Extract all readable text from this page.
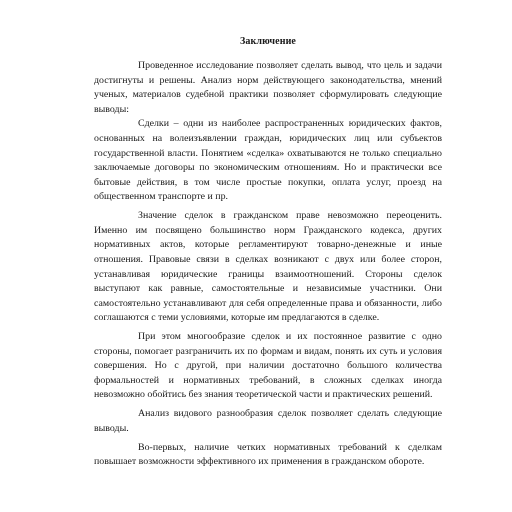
Заключение

Проведенное исследование позволяет сделать вывод, что цель и задачи достигнуты и решены. Анализ норм действующего законодательства, мнений ученых, материалов судебной практики позволяет сформулировать следующие выводы:

Сделки – одни из наиболее распространенных юридических фактов, основанных на волеизъявлении граждан, юридических лиц или субъектов государственной власти. Понятием «сделка» охватываются не только специально заключаемые договоры по экономическим отношениям. Но и практически все бытовые действия, в том числе простые покупки, оплата услуг, проезд на общественном транспорте и пр.

Значение сделок в гражданском праве невозможно переоценить. Именно им посвящено большинство норм Гражданского кодекса, других нормативных актов, которые регламентируют товарно-денежные и иные отношения. Правовые связи в сделках возникают с двух или более сторон, устанавливая юридические границы взаимоотношений. Стороны сделок выступают как равные, самостоятельные и независимые участники. Они самостоятельно устанавливают для себя определенные права и обязанности, либо соглашаются с теми условиями, которые им предлагаются в сделке.

При этом многообразие сделок и их постоянное развитие с одно стороны, помогает разграничить их по формам и видам, понять их суть и условия совершения. Но с другой, при наличии достаточно большого количества формальностей и нормативных требований, в сложных сделках иногда невозможно обойтись без знания теоретической части и практических решений.

Анализ видового разнообразия сделок позволяет сделать следующие выводы.

Во-первых, наличие четких нормативных требований к сделкам повышает возможности эффективного их применения в гражданском обороте.
